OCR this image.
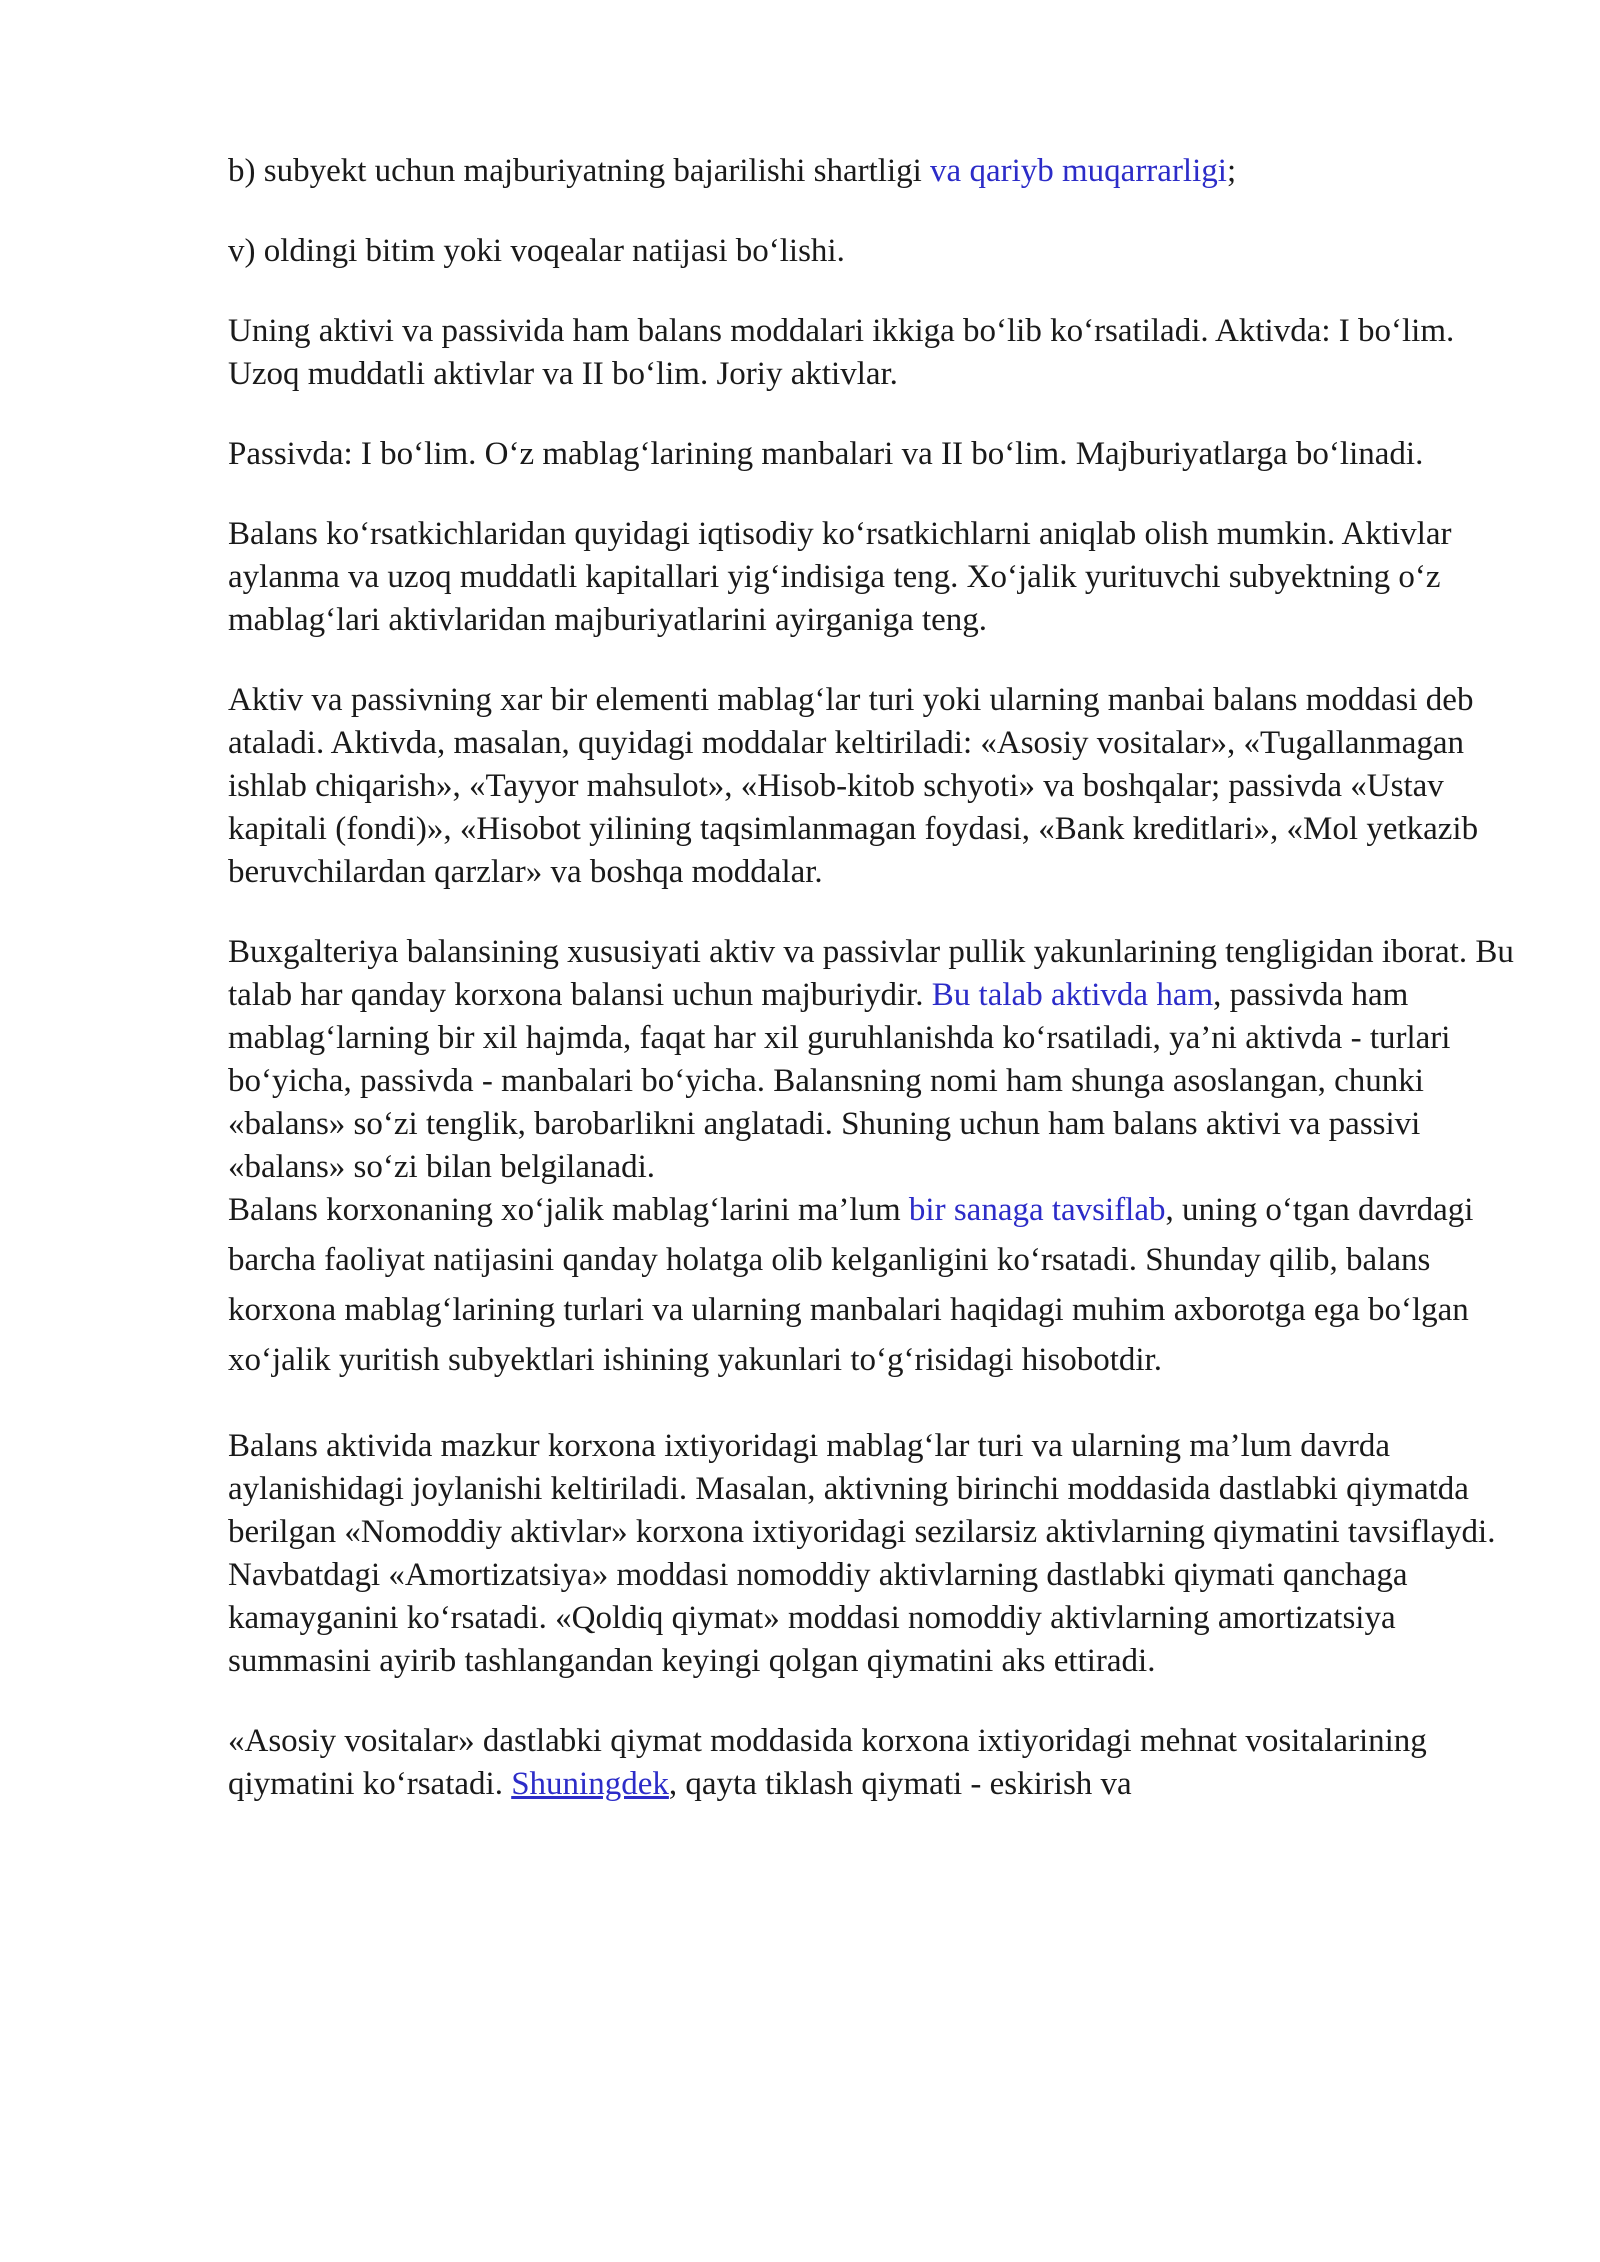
b) subyekt uchun majburiyatning bajarilishi shartligi va qariyb muqarrarligi;

v) oldingi bitim yoki voqealar natijasi bo‘lishi.

Uning aktivi va passivida ham balans moddalari ikkiga bo‘lib ko‘rsatiladi. Aktivda: I bo‘lim. Uzoq muddatli aktivlar va II bo‘lim. Joriy aktivlar.

Passivda: I bo‘lim. O‘z mablag‘larining manbalari va II bo‘lim. Majburiyatlarga bo‘linadi.

Balans ko‘rsatkichlaridan quyidagi iqtisodiy ko‘rsatkichlarni aniqlab olish mumkin. Aktivlar aylanma va uzoq muddatli kapitallari yig‘indisiga teng. Xo‘jalik yurituvchi subyektning o‘z mablag‘lari aktivlaridan majburiyatlarini ayirganiga teng.

Aktiv va passivning xar bir elementi mablag‘lar turi yoki ularning manbai balans moddasi deb ataladi. Aktivda, masalan, quyidagi moddalar keltiriladi: «Asosiy vositalar», «Tugallanmagan ishlab chiqarish», «Tayyor mahsulot», «Hisob-kitob schyoti» va boshqalar; passivda «Ustav kapitali (fondi)», «Hisobot yilining taqsimlanmagan foydasi, «Bank kreditlari», «Mol yetkazib beruvchilardan qarzlar» va boshqa moddalar.

Buxgalteriya balansining xususiyati aktiv va passivlar pullik yakunlarining tengligidan iborat. Bu talab har qanday korxona balansi uchun majburiydir. Bu talab aktivda ham, passivda ham mablag‘larning bir xil hajmda, faqat har xil guruhlanishda ko‘rsatiladi, ya’ni aktivda - turlari bo‘yicha, passivda - manbalari bo‘yicha. Balansning nomi ham shunga asoslangan, chunki «balans» so‘zi tenglik, barobarlikni anglatadi. Shuning uchun ham balans aktivi va passivi «balans» so‘zi bilan belgilanadi.

Balans korxonaning xo‘jalik mablag‘larini ma’lum bir sanaga tavsiflab, uning o‘tgan davrdagi barcha faoliyat natijasini qanday holatga olib kelganligini ko‘rsatadi. Shunday qilib, balans korxona mablag‘larining turlari va ularning manbalari haqidagi muhim axborotga ega bo‘lgan xo‘jalik yuritish subyektlari ishining yakunlari to‘g‘risidagi hisobotdir.

Balans aktivida mazkur korxona ixtiyoridagi mablag‘lar turi va ularning ma’lum davrda aylanishidagi joylanishi keltiriladi. Masalan, aktivning birinchi moddasida dastlabki qiymatda berilgan «Nomoddiy aktivlar» korxona ixtiyoridagi sezilarsiz aktivlarning qiymatini tavsiflaydi. Navbatdagi «Amortizatsiya» moddasi nomoddiy aktivlarning dastlabki qiymati qanchaga kamayganini ko‘rsatadi. «Qoldiq qiymat» moddasi nomoddiy aktivlarning amortizatsiya summasini ayirib tashlangandan keyingi qolgan qiymatini aks ettiradi.

«Asosiy vositalar» dastlabki qiymat moddasida korxona ixtiyoridagi mehnat vositalarining qiymatini ko‘rsatadi. Shuningdek, qayta tiklash qiymati - eskirish va
